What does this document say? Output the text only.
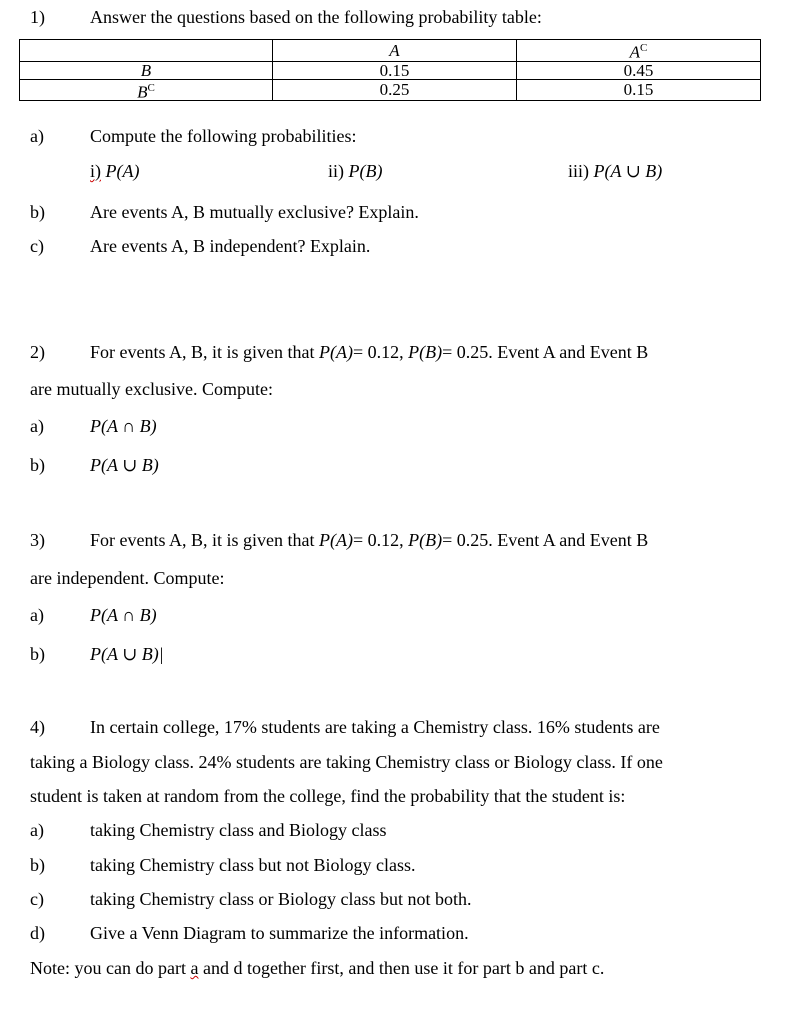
1)	Answer the questions based on the following probability table:
	A	$A^C$
B	0.15	0.45
$B^C$	0.25	0.15
a)	Compute the following probabilities:
i) P(A)	ii) P(B)	iii) P(A ∪ B)
b)	Are events A, B mutually exclusive? Explain.
c)	Are events A, B independent? Explain.
2)	For events A, B, it is given that P(A)= 0.12, P(B)= 0.25. Event A and Event B
are mutually exclusive. Compute:
a)	P(A ∩ B)
b)	P(A ∪ B)
3)	For events A, B, it is given that P(A)= 0.12, P(B)= 0.25. Event A and Event B
are independent. Compute:
a)	P(A ∩ B)
b)	P(A ∪ B)|
4)	In certain college, 17% students are taking a Chemistry class. 16% students are
taking a Biology class. 24% students are taking Chemistry class or Biology class. If one
student is taken at random from the college, find the probability that the student is:
a)	taking Chemistry class and Biology class
b)	taking Chemistry class but not Biology class.
c)	taking Chemistry class or Biology class but not both.
d)	Give a Venn Diagram to summarize the information.
Note: you can do part a and d together first, and then use it for part b and part c.
